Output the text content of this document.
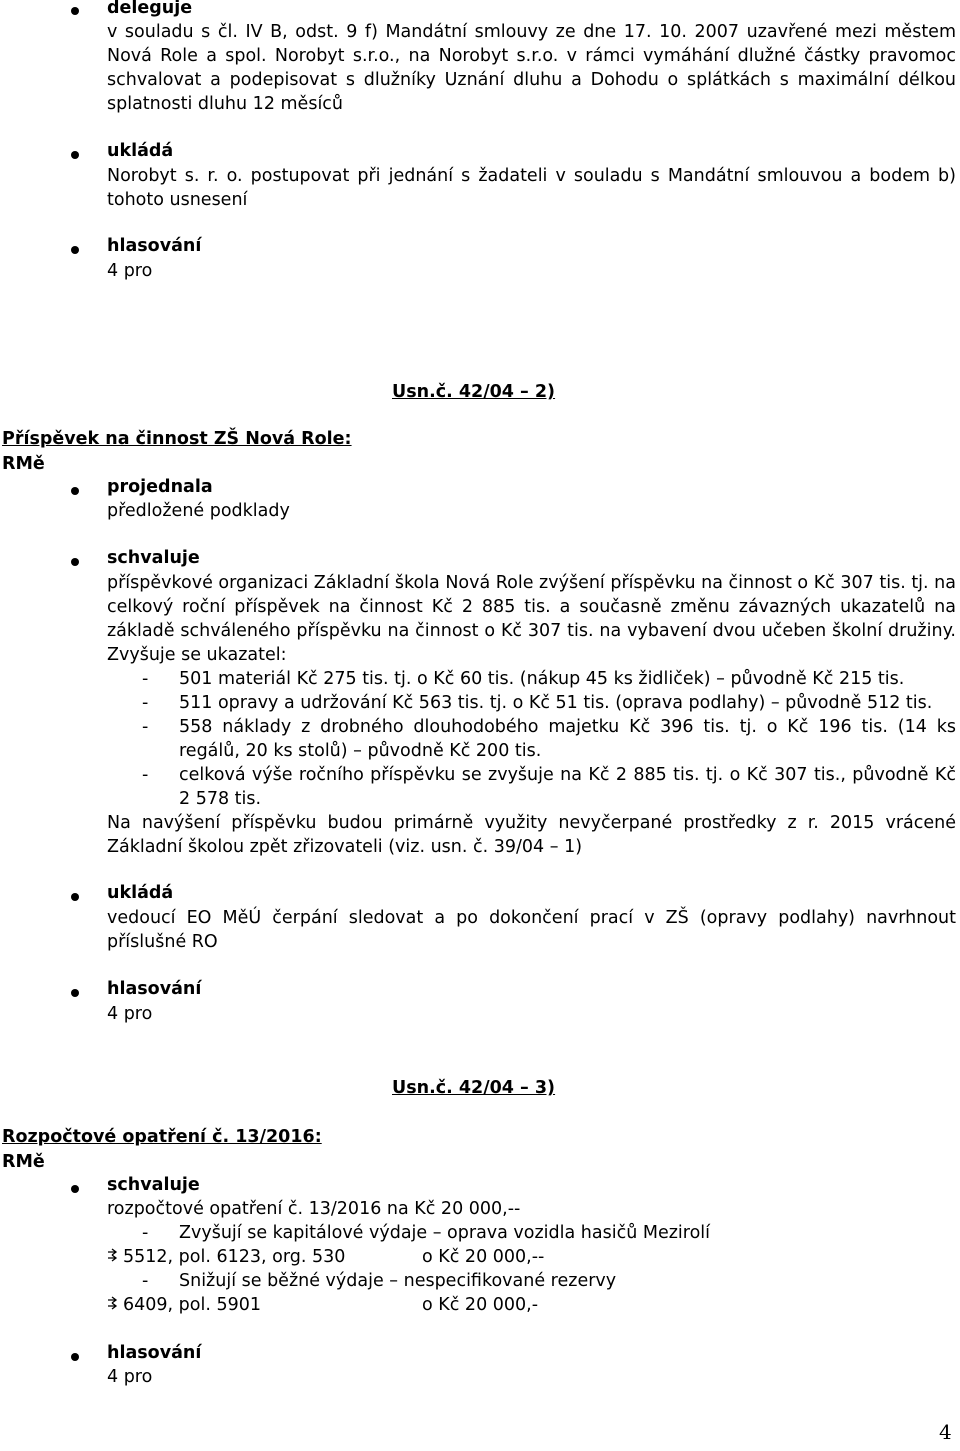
deleguje
v souladu s čl. IV B, odst. 9 f) Mandátní smlouvy ze dne 17. 10. 2007 uzavřené mezi městem
Nová Role a spol. Norobyt s.r.o., na Norobyt s.r.o. v rámci vymáhání dlužné částky pravomoc
schvalovat a podepisovat s dlužníky Uznání dluhu a Dohodu o splátkách s maximální délkou
splatnosti dluhu 12 měsíců
ukládá
Norobyt s. r. o. postupovat při jednání s žadateli v souladu s Mandátní smlouvou a bodem b)
tohoto usnesení
hlasování
4 pro
Usn.č. 42/04 – 2)
Příspěvek na činnost ZŠ Nová Role:
RMě
projednala
předložené podklady
schvaluje
příspěvkové organizaci Základní škola Nová Role zvýšení příspěvku na činnost o Kč 307 tis. tj. na
celkový roční příspěvek na činnost Kč 2 885 tis. a současně změnu závazných ukazatelů na
základě schváleného příspěvku na činnost o Kč 307 tis. na vybavení dvou učeben školní družiny.
Zvyšuje se ukazatel:
- 501 materiál Kč 275 tis. tj. o Kč 60 tis. (nákup 45 ks židliček) – původně Kč 215 tis.
- 511 opravy a udržování Kč 563 tis. tj. o Kč 51 tis. (oprava podlahy) – původně 512 tis.
- 558 náklady z drobného dlouhodobého majetku Kč 396 tis. tj. o Kč 196 tis. (14 ks
regálů, 20 ks stolů) – původně Kč 200 tis.
- celková výše ročního příspěvku se zvyšuje na Kč 2 885 tis. tj. o Kč 307 tis., původně Kč
2 578 tis.
Na navýšení příspěvku budou primárně využity nevyčerpané prostředky z r. 2015 vrácené
Základní školou zpět zřizovateli (viz. usn. č. 39/04 – 1)
ukládá
vedoucí EO MěÚ čerpání sledovat a po dokončení prací v ZŠ (opravy podlahy) navrhnout
příslušné RO
hlasování
4 pro
Usn.č. 42/04 – 3)
Rozpočtové opatření č. 13/2016:
RMě
schvaluje
rozpočtové opatření č. 13/2016 na Kč 20 000,--
- Zvyšují se kapitálové výdaje – oprava vozidla hasičů Mezirolí
5512, pol. 6123, org. 530	o Kč 20 000,--
- Snižují se běžné výdaje – nespecifikované rezervy
6409, pol. 5901	o Kč 20 000,-
hlasování
4 pro
4
